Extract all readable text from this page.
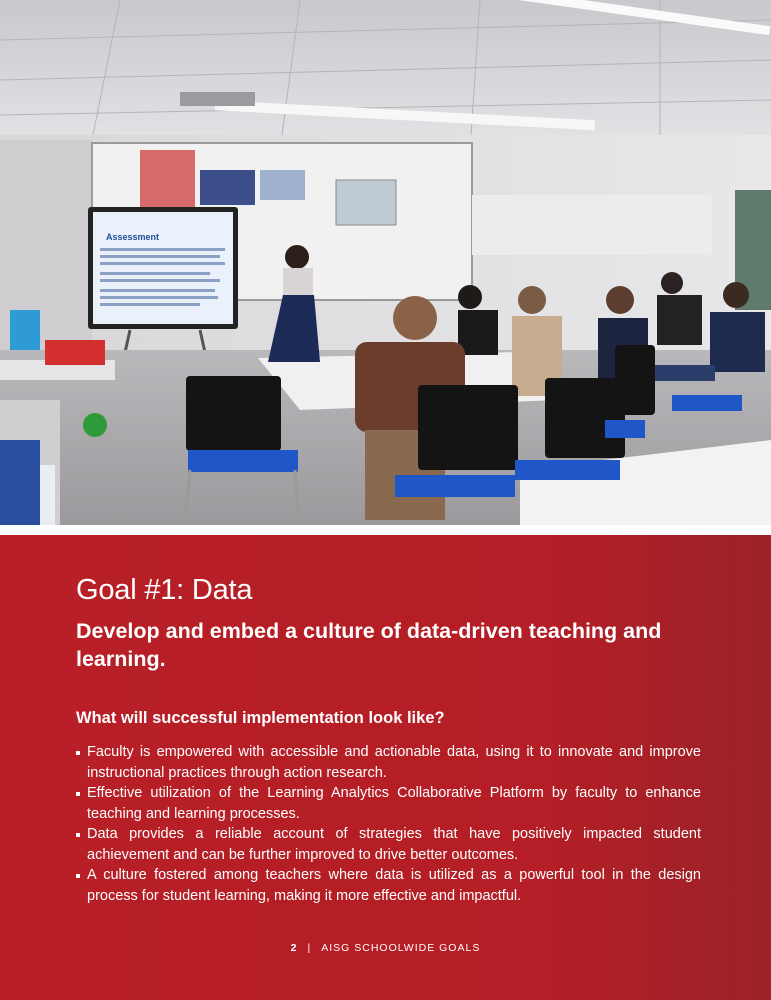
Assessment
Goal #1: Data
Develop and embed a culture of data-driven teaching and learning.
What will successful implementation look like?
Faculty is empowered with accessible and actionable data, using it to innovate and improve instructional practices through action research.
Effective utilization of the Learning Analytics Collaborative Platform by faculty to enhance teaching and learning processes.
Data provides a reliable account of strategies that have positively impacted student achievement and can be further improved to drive better outcomes.
A culture fostered among teachers where data is utilized as a powerful tool in the design process for student learning, making it more effective and impactful.
2 | AISG SCHOOLWIDE GOALS
